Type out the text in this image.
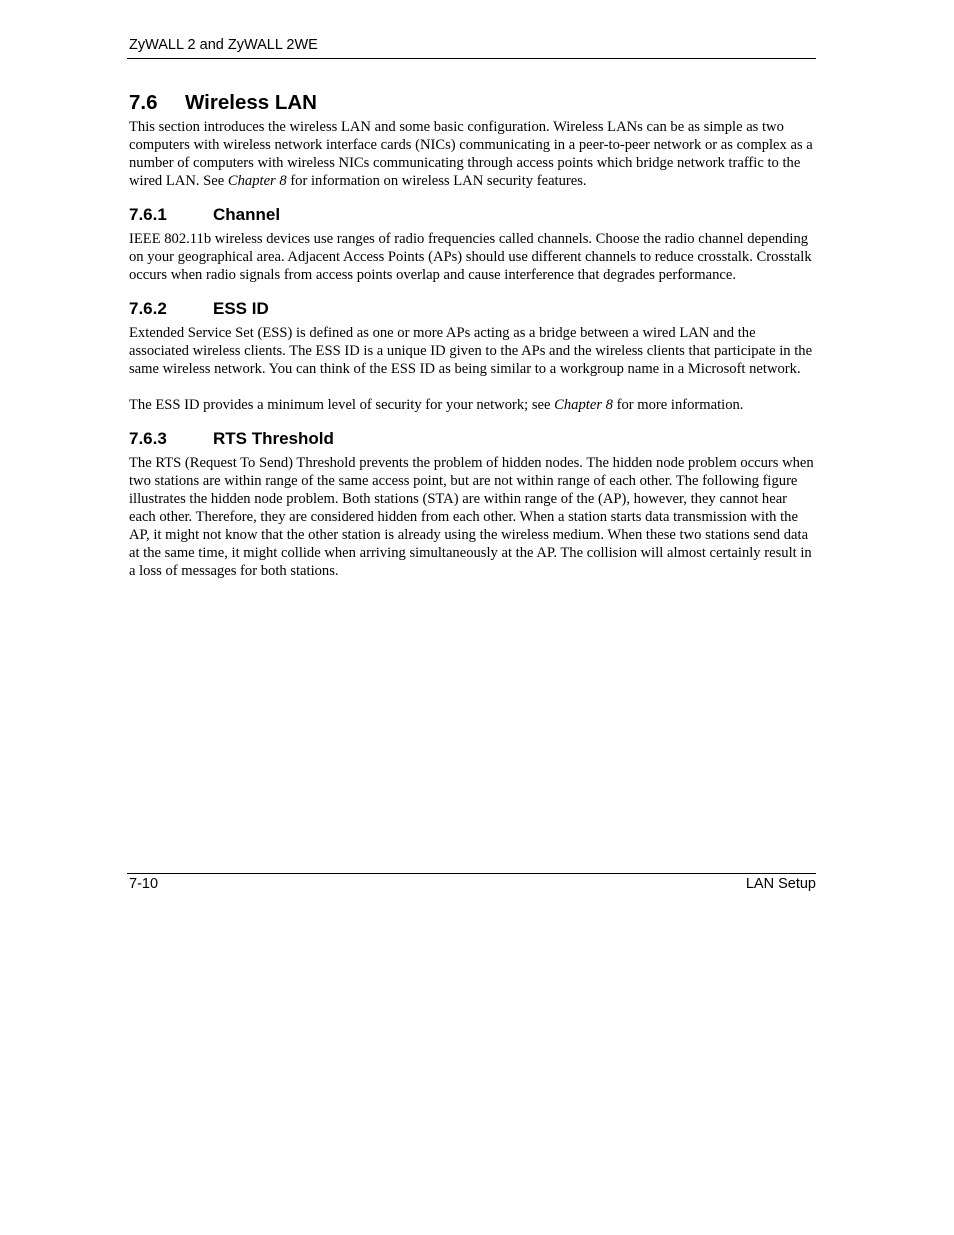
ZyWALL 2 and ZyWALL 2WE
7.6 Wireless LAN

This section introduces the wireless LAN and some basic configuration. Wireless LANs can be as simple as two computers with wireless network interface cards (NICs) communicating in a peer-to-peer network or as complex as a number of computers with wireless NICs communicating through access points which bridge network traffic to the wired LAN. See Chapter 8 for information on wireless LAN security features.

7.6.1	Channel

IEEE 802.11b wireless devices use ranges of radio frequencies called channels. Choose the radio channel depending on your geographical area. Adjacent Access Points (APs) should use different channels to reduce crosstalk. Crosstalk occurs when radio signals from access points overlap and cause interference that degrades performance.

7.6.2	ESS ID

Extended Service Set (ESS) is defined as one or more APs acting as a bridge between a wired LAN and the associated wireless clients. The ESS ID is a unique ID given to the APs and the wireless clients that participate in the same wireless network. You can think of the ESS ID as being similar to a workgroup name in a Microsoft network.

The ESS ID provides a minimum level of security for your network; see Chapter 8 for more information.

7.6.3	RTS Threshold

The RTS (Request To Send) Threshold prevents the problem of hidden nodes. The hidden node problem occurs when two stations are within range of the same access point, but are not within range of each other. The following figure illustrates the hidden node problem. Both stations (STA) are within range of the (AP), however, they cannot hear each other. Therefore, they are considered hidden from each other. When a station starts data transmission with the AP, it might not know that the other station is already using the wireless medium. When these two stations send data at the same time, it might collide when arriving simultaneously at the AP. The collision will almost certainly result in a loss of messages for both stations.

7-10	LAN Setup
